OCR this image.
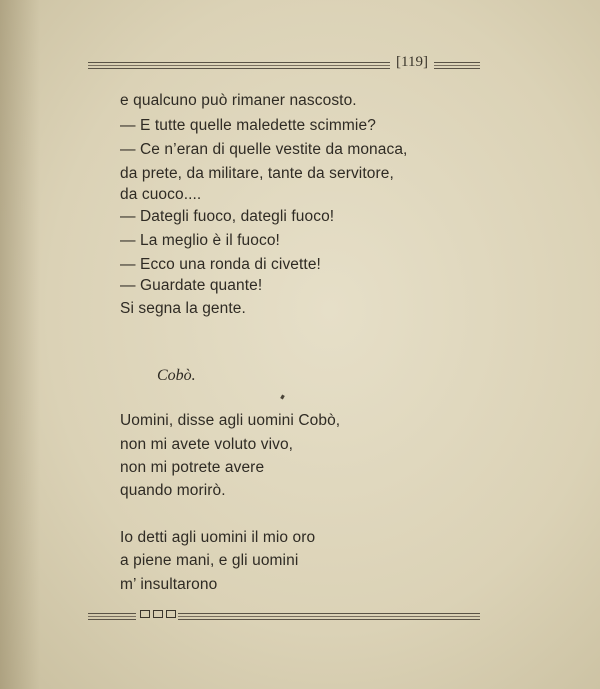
[119]
e qualcuno può rimaner nascosto.
— E tutte quelle maledette scimmie?
— Ce n’eran di quelle vestite da monaca,
da prete, da militare, tante da servitore,
da cuoco....
— Dategli fuoco, dategli fuoco!
— La meglio è il fuoco!
— Ecco una ronda di civette!
— Guardate quante!
Si segna la gente.
Cobò.
Uomini, disse agli uomini Cobò,
non mi avete voluto vivo,
non mi potrete avere
quando morirò.
Io detti agli uomini il mio oro
a piene mani, e gli uomini
m’ insultarono
